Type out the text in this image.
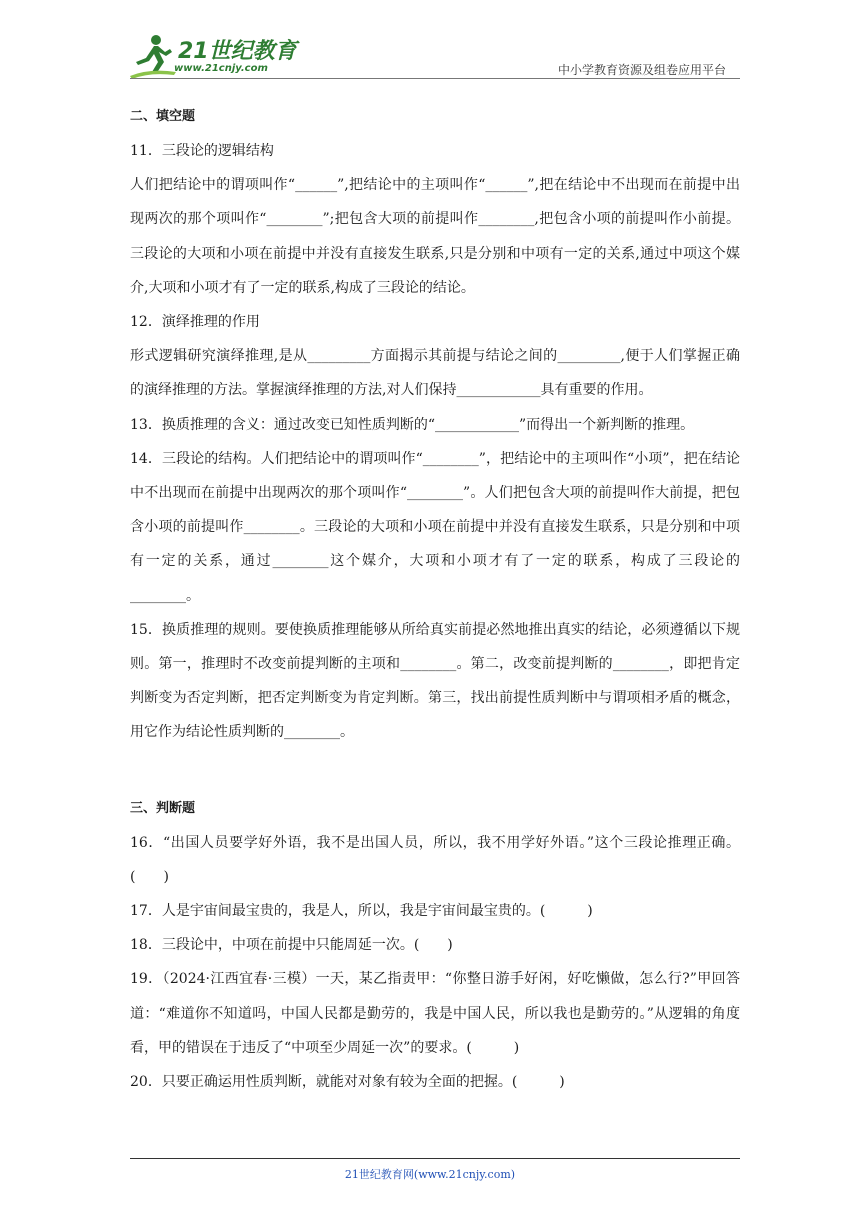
21世纪教育
www.21cnjy.com	中小学教育资源及组卷应用平台

二、填空题

11．三段论的逻辑结构

人们把结论中的谓项叫作“______”,把结论中的主项叫作“______”,把在结论中不出现而在前提中出现两次的那个项叫作“________”;把包含大项的前提叫作________,把包含小项的前提叫作小前提。三段论的大项和小项在前提中并没有直接发生联系,只是分别和中项有一定的关系,通过中项这个媒介,大项和小项才有了一定的联系,构成了三段论的结论。

12．演绎推理的作用

形式逻辑研究演绎推理,是从_________方面揭示其前提与结论之间的_________,便于人们掌握正确的演绎推理的方法。掌握演绎推理的方法,对人们保持____________具有重要的作用。

13．换质推理的含义：通过改变已知性质判断的“____________”而得出一个新判断的推理。

14．三段论的结构。人们把结论中的谓项叫作“________”，把结论中的主项叫作“小项”，把在结论中不出现而在前提中出现两次的那个项叫作“________”。人们把包含大项的前提叫作大前提，把包含小项的前提叫作________。三段论的大项和小项在前提中并没有直接发生联系，只是分别和中项有一定的关系，通过________这个媒介，大项和小项才有了一定的联系，构成了三段论的________。

15．换质推理的规则。要使换质推理能够从所给真实前提必然地推出真实的结论，必须遵循以下规则。第一，推理时不改变前提判断的主项和________。第二，改变前提判断的________，即把肯定判断变为否定判断，把否定判断变为肯定判断。第三，找出前提性质判断中与谓项相矛盾的概念，用它作为结论性质判断的________。

三、判断题

16．“出国人员要学好外语，我不是出国人员，所以，我不用学好外语。”这个三段论推理正确。(　　)

17．人是宇宙间最宝贵的，我是人，所以，我是宇宙间最宝贵的。(　　　)

18．三段论中，中项在前提中只能周延一次。(　　)

19．（2024·江西宜春·三模）一天，某乙指责甲：“你整日游手好闲，好吃懒做，怎么行?”甲回答道：“难道你不知道吗，中国人民都是勤劳的，我是中国人民，所以我也是勤劳的。”从逻辑的角度看，甲的错误在于违反了“中项至少周延一次”的要求。(　　　)

20．只要正确运用性质判断，就能对对象有较为全面的把握。(　　　)

21世纪教育网(www.21cnjy.com)
